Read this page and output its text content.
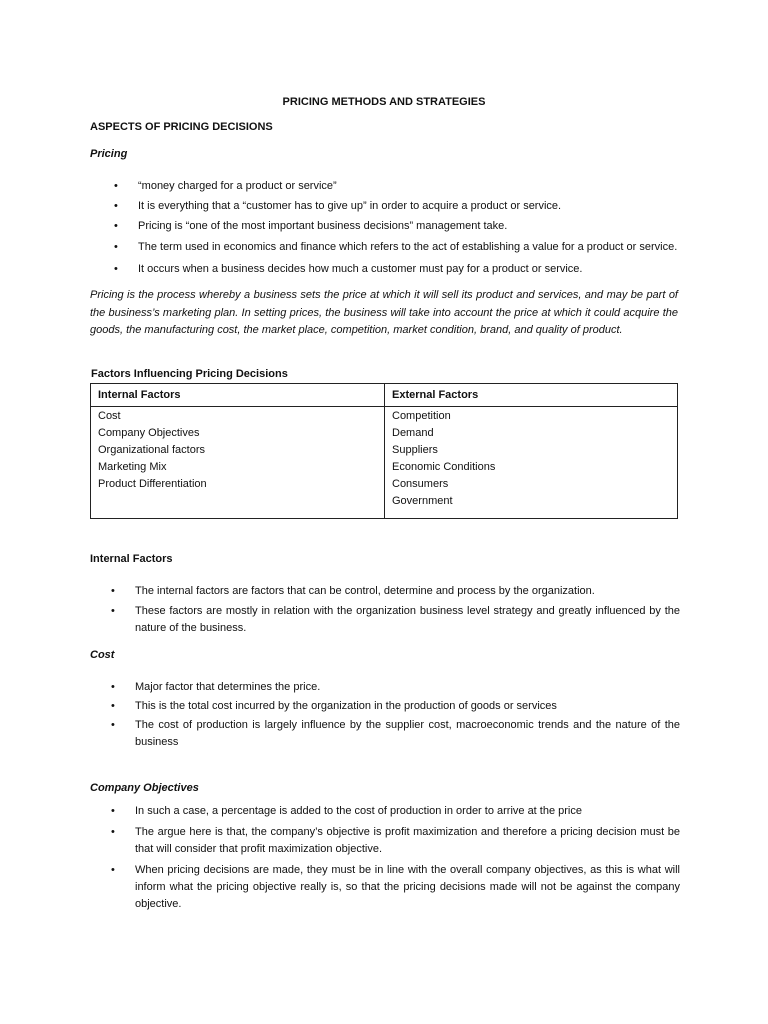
PRICING METHODS AND STRATEGIES
ASPECTS OF PRICING DECISIONS
Pricing
• “money charged for a product or service”
• It is everything that a “customer has to give up” in order to acquire a product or service.
• Pricing is “one of the most important business decisions” management take.
• The term used in economics and finance which refers to the act of establishing a value for a product or service.
• It occurs when a business decides how much a customer must pay for a product or service.
Pricing is the process whereby a business sets the price at which it will sell its product and services, and may be part of the business’s marketing plan. In setting prices, the business will take into account the price at which it could acquire the goods, the manufacturing cost, the market place, competition, market condition, brand, and quality of product.
Factors Influencing Pricing Decisions
Internal Factors
Cost
Company Objectives
Organizational factors
Marketing Mix
Product Differentiation
External Factors
Competition
Demand
Suppliers
Economic Conditions
Consumers
Government
Internal Factors
• The internal factors are factors that can be control, determine and process by the organization.
• These factors are mostly in relation with the organization business level strategy and greatly influenced by the nature of the business.
Cost
• Major factor that determines the price.
• This is the total cost incurred by the organization in the production of goods or services
• The cost of production is largely influence by the supplier cost, macroeconomic trends and the nature of the business
Company Objectives
• In such a case, a percentage is added to the cost of production in order to arrive at the price
• The argue here is that, the company’s objective is profit maximization and therefore a pricing decision must be that will consider that profit maximization objective.
• When pricing decisions are made, they must be in line with the overall company objectives, as this is what will inform what the pricing objective really is, so that the pricing decisions made will not be against the company objective.
